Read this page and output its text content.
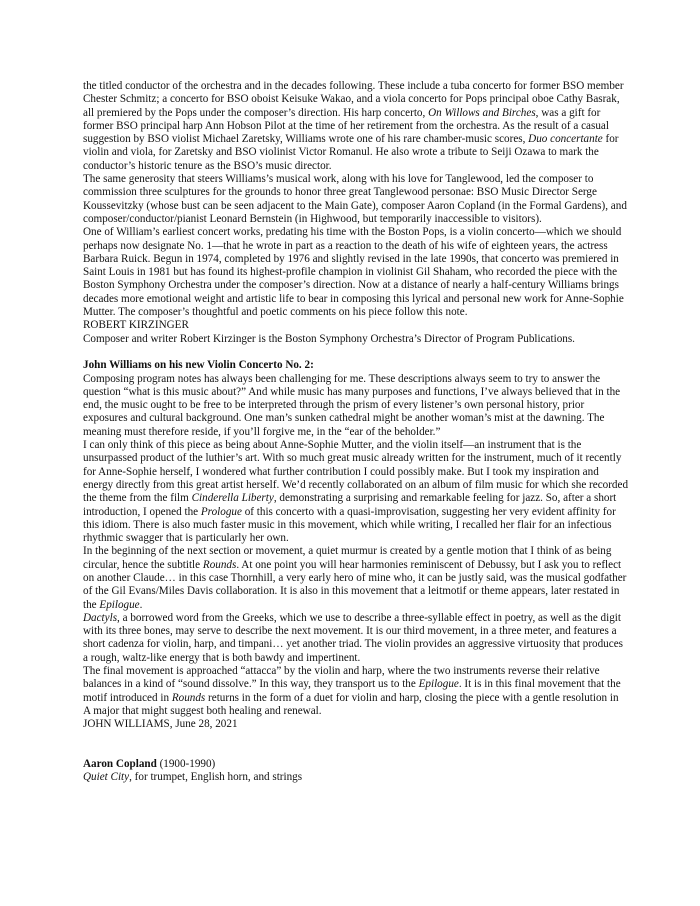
the titled conductor of the orchestra and in the decades following. These include a tuba concerto for former BSO member Chester Schmitz; a concerto for BSO oboist Keisuke Wakao, and a viola concerto for Pops principal oboe Cathy Basrak, all premiered by the Pops under the composer’s direction. His harp concerto, On Willows and Birches, was a gift for former BSO principal harp Ann Hobson Pilot at the time of her retirement from the orchestra. As the result of a casual suggestion by BSO violist Michael Zaretsky, Williams wrote one of his rare chamber-music scores, Duo concertante for violin and viola, for Zaretsky and BSO violinist Victor Romanul. He also wrote a tribute to Seiji Ozawa to mark the conductor’s historic tenure as the BSO’s music director.

The same generosity that steers Williams’s musical work, along with his love for Tanglewood, led the composer to commission three sculptures for the grounds to honor three great Tanglewood personae: BSO Music Director Serge Koussevitzky (whose bust can be seen adjacent to the Main Gate), composer Aaron Copland (in the Formal Gardens), and composer/conductor/pianist Leonard Bernstein (in Highwood, but temporarily inaccessible to visitors).

One of William’s earliest concert works, predating his time with the Boston Pops, is a violin concerto—which we should perhaps now designate No. 1—that he wrote in part as a reaction to the death of his wife of eighteen years, the actress Barbara Ruick. Begun in 1974, completed by 1976 and slightly revised in the late 1990s, that concerto was premiered in Saint Louis in 1981 but has found its highest-profile champion in violinist Gil Shaham, who recorded the piece with the Boston Symphony Orchestra under the composer’s direction. Now at a distance of nearly a half-century Williams brings decades more emotional weight and artistic life to bear in composing this lyrical and personal new work for Anne-Sophie Mutter. The composer’s thoughtful and poetic comments on his piece follow this note.

ROBERT KIRZINGER

Composer and writer Robert Kirzinger is the Boston Symphony Orchestra’s Director of Program Publications.

John Williams on his new Violin Concerto No. 2:

Composing program notes has always been challenging for me. These descriptions always seem to try to answer the question “what is this music about?” And while music has many purposes and functions, I’ve always believed that in the end, the music ought to be free to be interpreted through the prism of every listener’s own personal history, prior exposures and cultural background. One man’s sunken cathedral might be another woman’s mist at the dawning. The meaning must therefore reside, if you’ll forgive me, in the “ear of the beholder.”

I can only think of this piece as being about Anne-Sophie Mutter, and the violin itself—an instrument that is the unsurpassed product of the luthier’s art. With so much great music already written for the instrument, much of it recently for Anne-Sophie herself, I wondered what further contribution I could possibly make. But I took my inspiration and energy directly from this great artist herself. We’d recently collaborated on an album of film music for which she recorded the theme from the film Cinderella Liberty, demonstrating a surprising and remarkable feeling for jazz. So, after a short introduction, I opened the Prologue of this concerto with a quasi-improvisation, suggesting her very evident affinity for this idiom. There is also much faster music in this movement, which while writing, I recalled her flair for an infectious rhythmic swagger that is particularly her own.

In the beginning of the next section or movement, a quiet murmur is created by a gentle motion that I think of as being circular, hence the subtitle Rounds. At one point you will hear harmonies reminiscent of Debussy, but I ask you to reflect on another Claude… in this case Thornhill, a very early hero of mine who, it can be justly said, was the musical godfather of the Gil Evans/Miles Davis collaboration. It is also in this movement that a leitmotif or theme appears, later restated in the Epilogue.

Dactyls, a borrowed word from the Greeks, which we use to describe a three-syllable effect in poetry, as well as the digit with its three bones, may serve to describe the next movement. It is our third movement, in a three meter, and features a short cadenza for violin, harp, and timpani… yet another triad. The violin provides an aggressive virtuosity that produces a rough, waltz-like energy that is both bawdy and impertinent.

The final movement is approached “attacca” by the violin and harp, where the two instruments reverse their relative balances in a kind of “sound dissolve.” In this way, they transport us to the Epilogue. It is in this final movement that the motif introduced in Rounds returns in the form of a duet for violin and harp, closing the piece with a gentle resolution in A major that might suggest both healing and renewal.

JOHN WILLIAMS, June 28, 2021

Aaron Copland (1900-1990)

Quiet City, for trumpet, English horn, and strings
